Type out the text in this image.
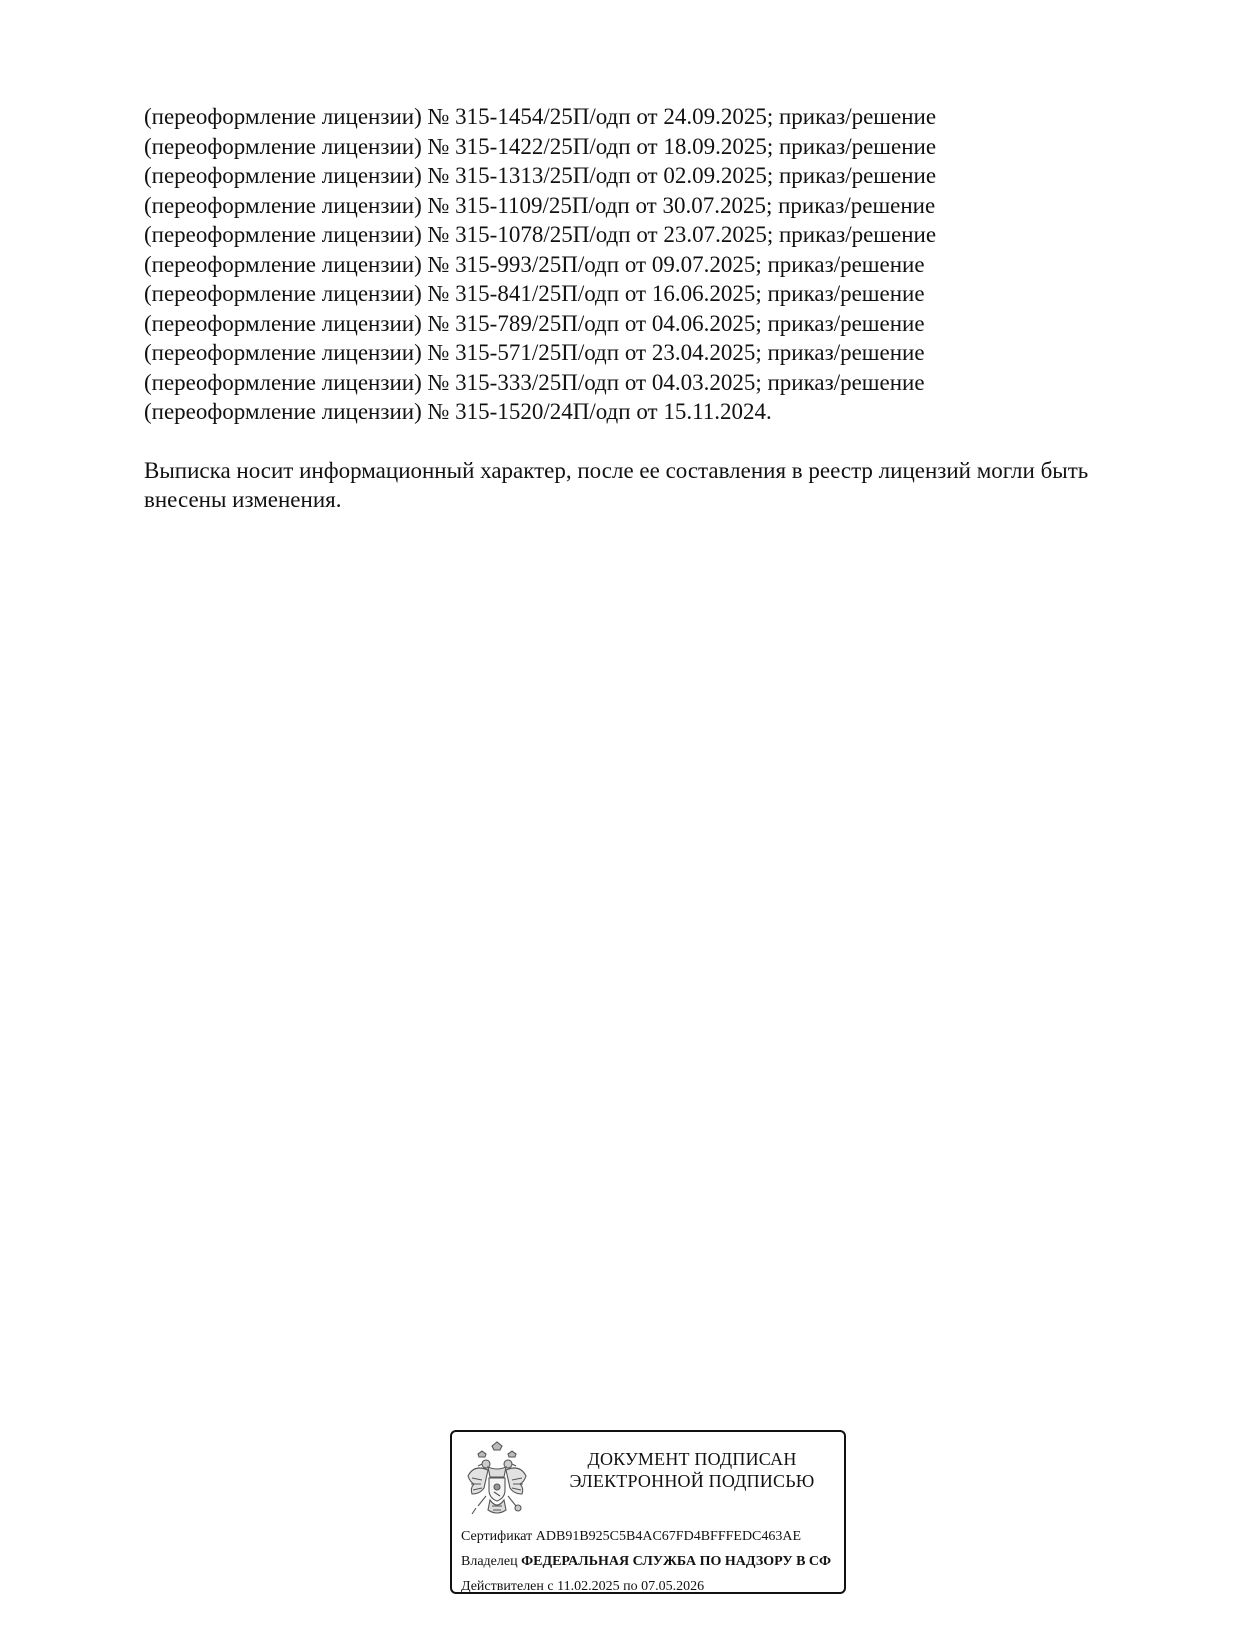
(переоформление лицензии) № 315-1454/25П/одп от 24.09.2025; приказ/решение
(переоформление лицензии) № 315-1422/25П/одп от 18.09.2025; приказ/решение
(переоформление лицензии) № 315-1313/25П/одп от 02.09.2025; приказ/решение
(переоформление лицензии) № 315-1109/25П/одп от 30.07.2025; приказ/решение
(переоформление лицензии) № 315-1078/25П/одп от 23.07.2025; приказ/решение
(переоформление лицензии) № 315-993/25П/одп от 09.07.2025; приказ/решение
(переоформление лицензии) № 315-841/25П/одп от 16.06.2025; приказ/решение
(переоформление лицензии) № 315-789/25П/одп от 04.06.2025; приказ/решение
(переоформление лицензии) № 315-571/25П/одп от 23.04.2025; приказ/решение
(переоформление лицензии) № 315-333/25П/одп от 04.03.2025; приказ/решение
(переоформление лицензии) № 315-1520/24П/одп от 15.11.2024.
Выписка носит информационный характер, после ее составления в реестр лицензий могли быть внесены изменения.
ДОКУМЕНТ ПОДПИСАН
ЭЛЕКТРОННОЙ ПОДПИСЬЮ
Сертификат ADB91B925C5B4AC67FD4BFFFEDC463AE
Владелец ФЕДЕРАЛЬНАЯ СЛУЖБА ПО НАДЗОРУ В СФ
Действителен с 11.02.2025 по 07.05.2026
